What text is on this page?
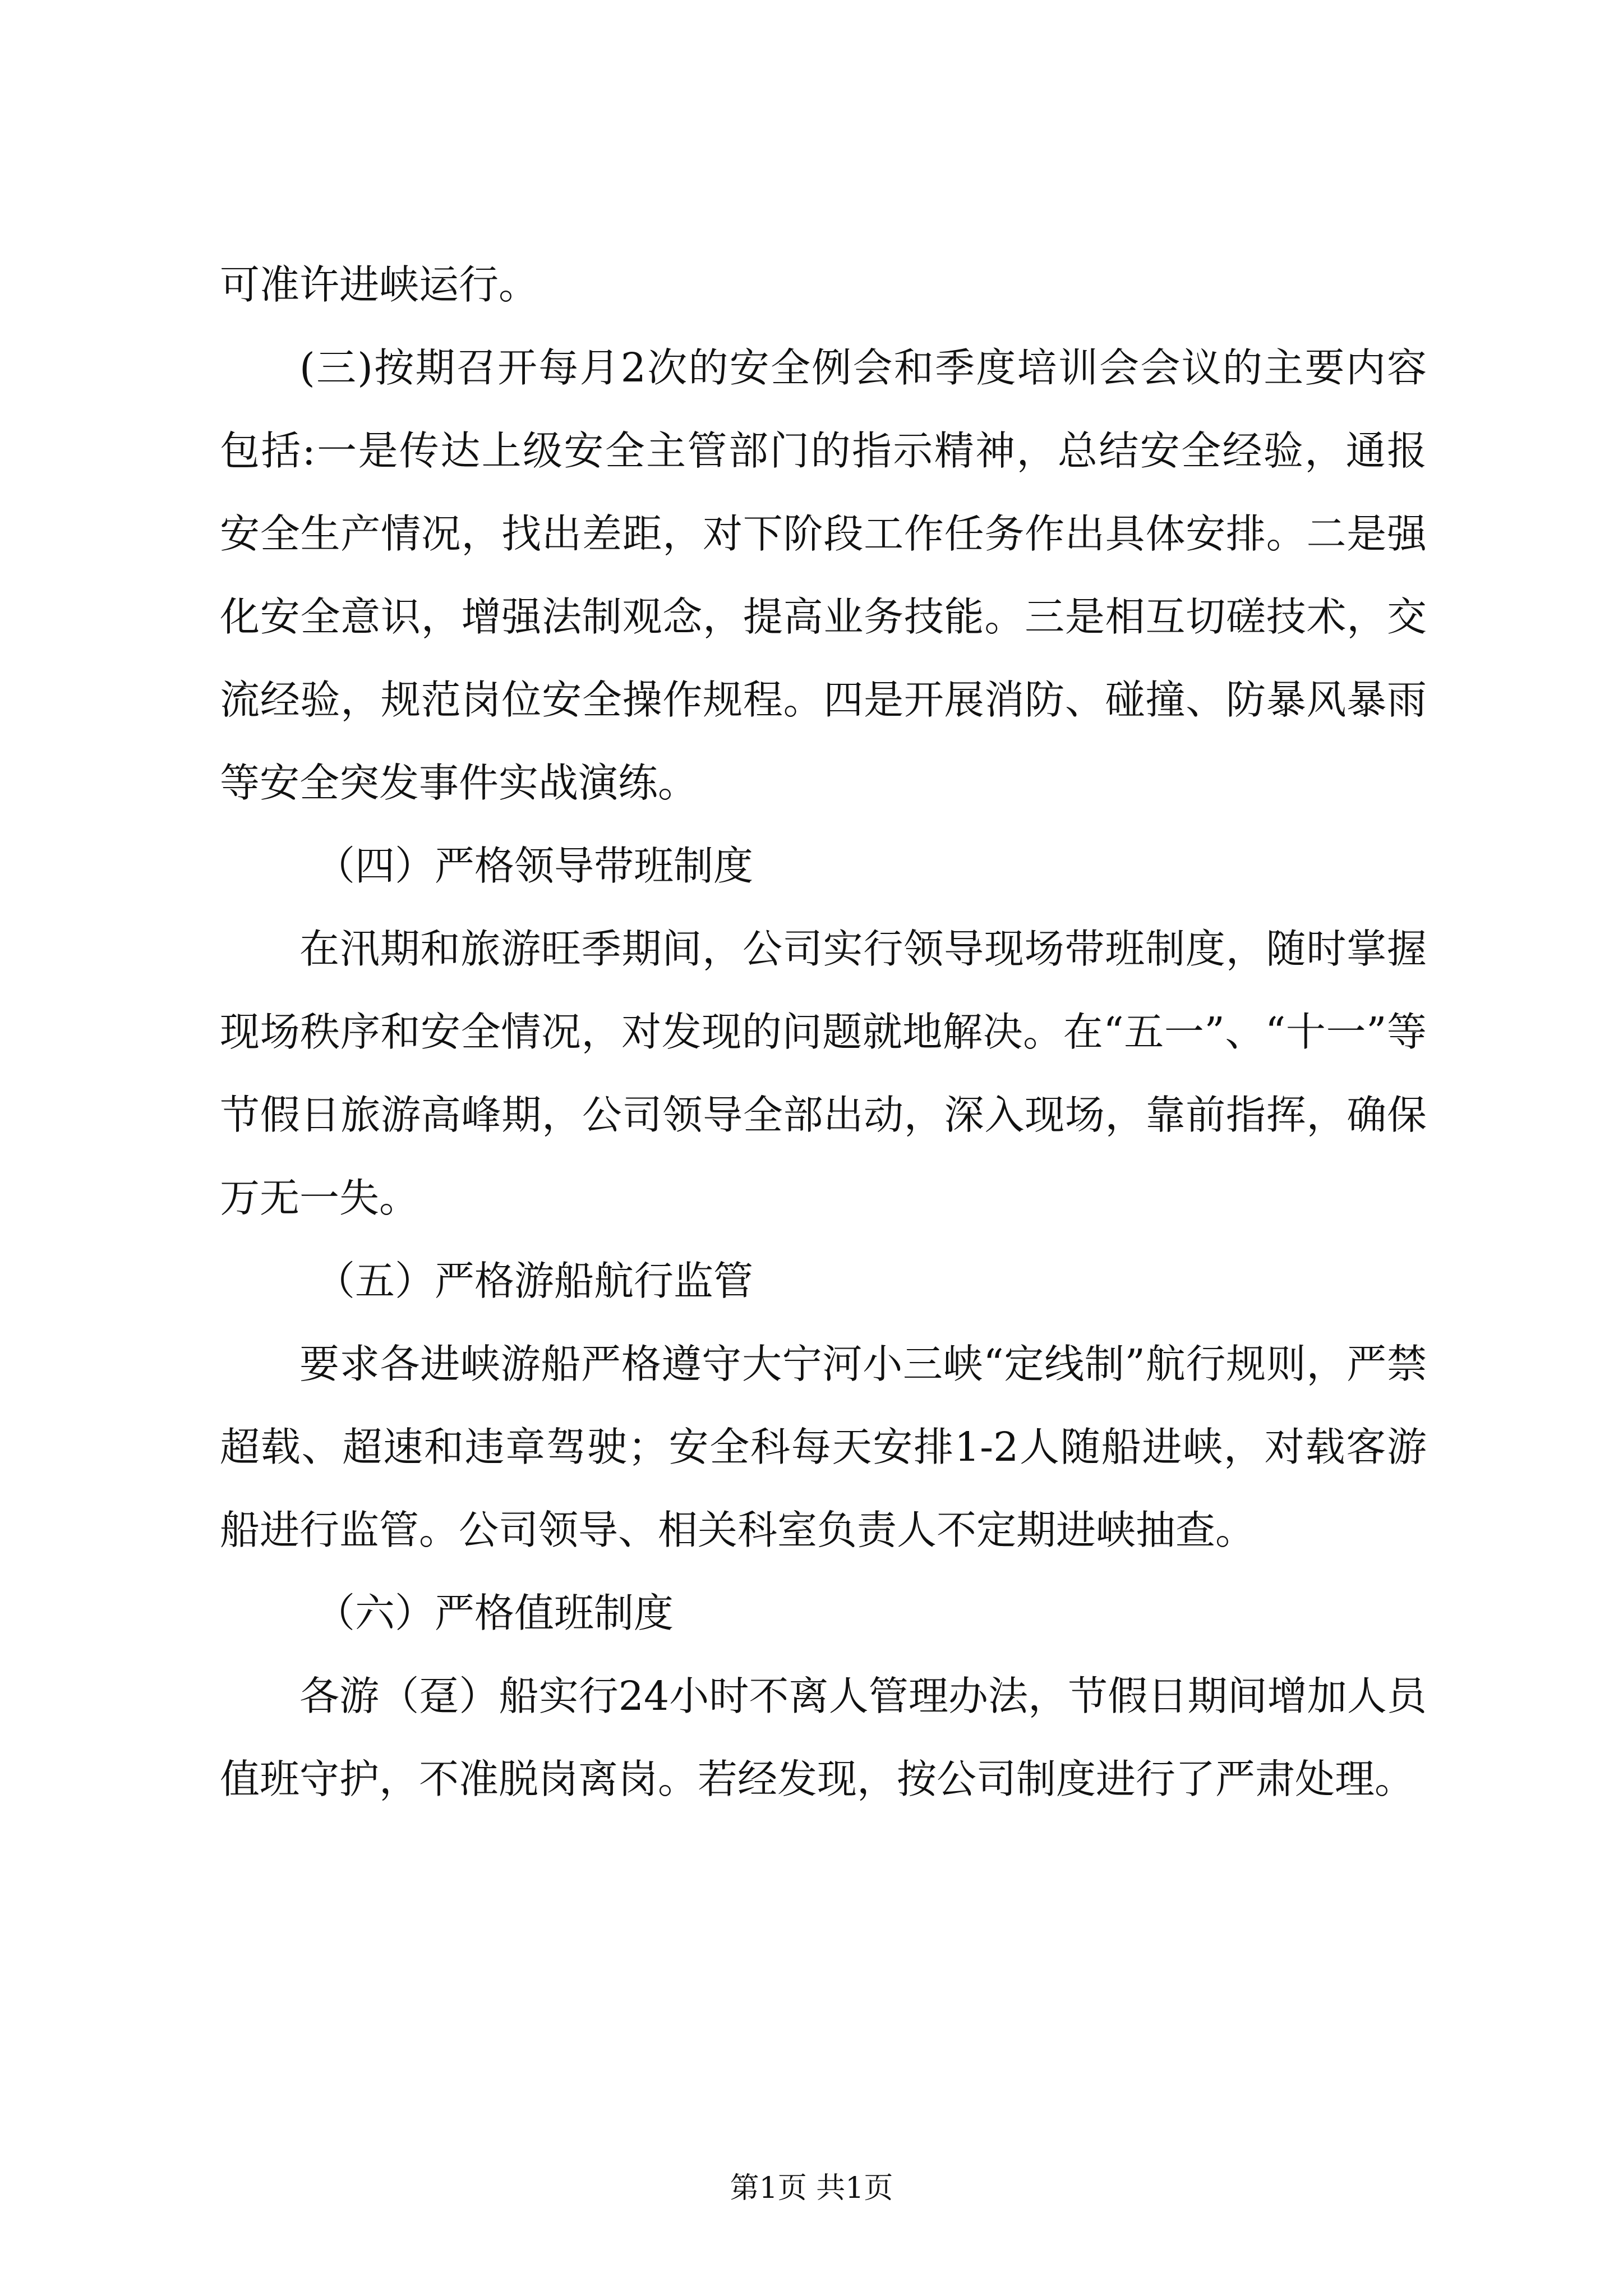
可准许进峡运行。

(三)按期召开每月2次的安全例会和季度培训会会议的主要内容包括:一是传达上级安全主管部门的指示精神，总结安全经验，通报安全生产情况，找出差距，对下阶段工作任务作出具体安排。二是强化安全意识，增强法制观念，提高业务技能。三是相互切磋技术，交流经验，规范岗位安全操作规程。四是开展消防、碰撞、防暴风暴雨等安全突发事件实战演练。

（四）严格领导带班制度

在汛期和旅游旺季期间，公司实行领导现场带班制度，随时掌握现场秩序和安全情况，对发现的问题就地解决。在“五一”、“十一”等节假日旅游高峰期，公司领导全部出动，深入现场，靠前指挥，确保万无一失。

（五）严格游船航行监管

要求各进峡游船严格遵守大宁河小三峡“定线制”航行规则，严禁超载、超速和违章驾驶；安全科每天安排1-2人随船进峡，对载客游船进行监管。公司领导、相关科室负责人不定期进峡抽查。

（六）严格值班制度

各游（趸）船实行24小时不离人管理办法，节假日期间增加人员值班守护，不准脱岗离岗。若经发现，按公司制度进行了严肃处理。

第1页 共1页
